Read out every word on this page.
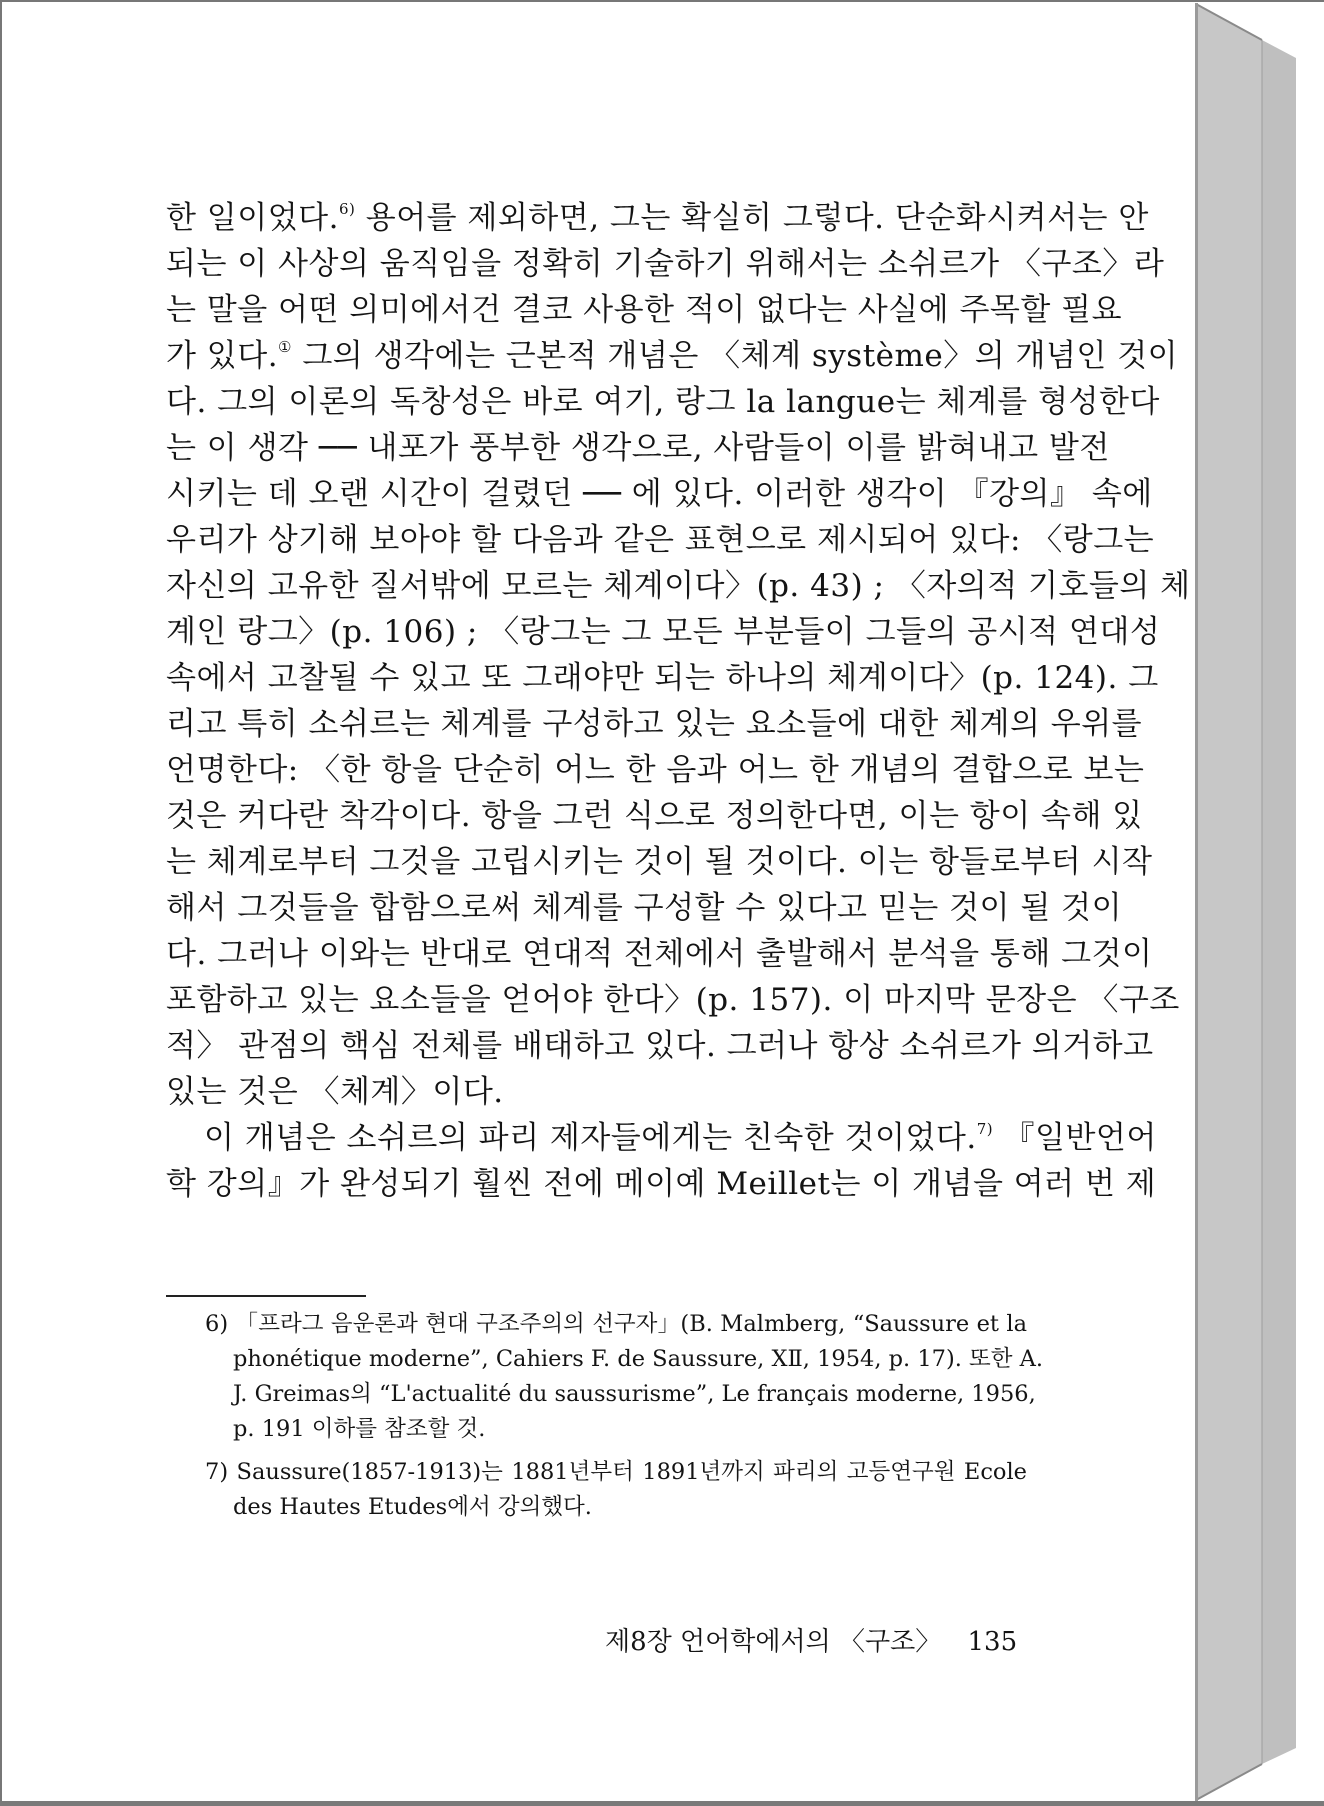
한 일이었다.$^{6)}$ 용어를 제외하면, 그는 확실히 그렇다. 단순화시켜서는 안
되는 이 사상의 움직임을 정확히 기술하기 위해서는 소쉬르가 〈구조〉라
는 말을 어떤 의미에서건 결코 사용한 적이 없다는 사실에 주목할 필요
가 있다.① 그의 생각에는 근본적 개념은 〈체계 système〉의 개념인 것이
다. 그의 이론의 독창성은 바로 여기, 랑그 la langue는 체계를 형성한다
는 이 생각 ── 내포가 풍부한 생각으로, 사람들이 이를 밝혀내고 발전
시키는 데 오랜 시간이 걸렸던 ── 에 있다. 이러한 생각이 『강의』 속에
우리가 상기해 보아야 할 다음과 같은 표현으로 제시되어 있다: 〈랑그는
자신의 고유한 질서밖에 모르는 체계이다〉(p. 43) ; 〈자의적 기호들의 체
계인 랑그〉(p. 106) ; 〈랑그는 그 모든 부분들이 그들의 공시적 연대성
속에서 고찰될 수 있고 또 그래야만 되는 하나의 체계이다〉(p. 124). 그
리고 특히 소쉬르는 체계를 구성하고 있는 요소들에 대한 체계의 우위를
언명한다: 〈한 항을 단순히 어느 한 음과 어느 한 개념의 결합으로 보는
것은 커다란 착각이다. 항을 그런 식으로 정의한다면, 이는 항이 속해 있
는 체계로부터 그것을 고립시키는 것이 될 것이다. 이는 항들로부터 시작
해서 그것들을 합함으로써 체계를 구성할 수 있다고 믿는 것이 될 것이
다. 그러나 이와는 반대로 연대적 전체에서 출발해서 분석을 통해 그것이
포함하고 있는 요소들을 얻어야 한다〉(p. 157). 이 마지막 문장은 〈구조
적〉 관점의 핵심 전체를 배태하고 있다. 그러나 항상 소쉬르가 의거하고
있는 것은 〈체계〉이다.
이 개념은 소쉬르의 파리 제자들에게는 친숙한 것이었다.$^{7)}$ 『일반언어
학 강의』가 완성되기 훨씬 전에 메이예 Meillet는 이 개념을 여러 번 제
6) 「프라그 음운론과 현대 구조주의의 선구자」(B. Malmberg, “Saussure et la
phonétique moderne”, Cahiers F. de Saussure, XⅡ, 1954, p. 17). 또한 A.
J. Greimas의 “L'actualité du saussurisme”, Le français moderne, 1956,
p. 191 이하를 참조할 것.
7) Saussure(1857-1913)는 1881년부터 1891년까지 파리의 고등연구원 Ecole
des Hautes Etudes에서 강의했다.
제8장 언어학에서의 〈구조〉 135
